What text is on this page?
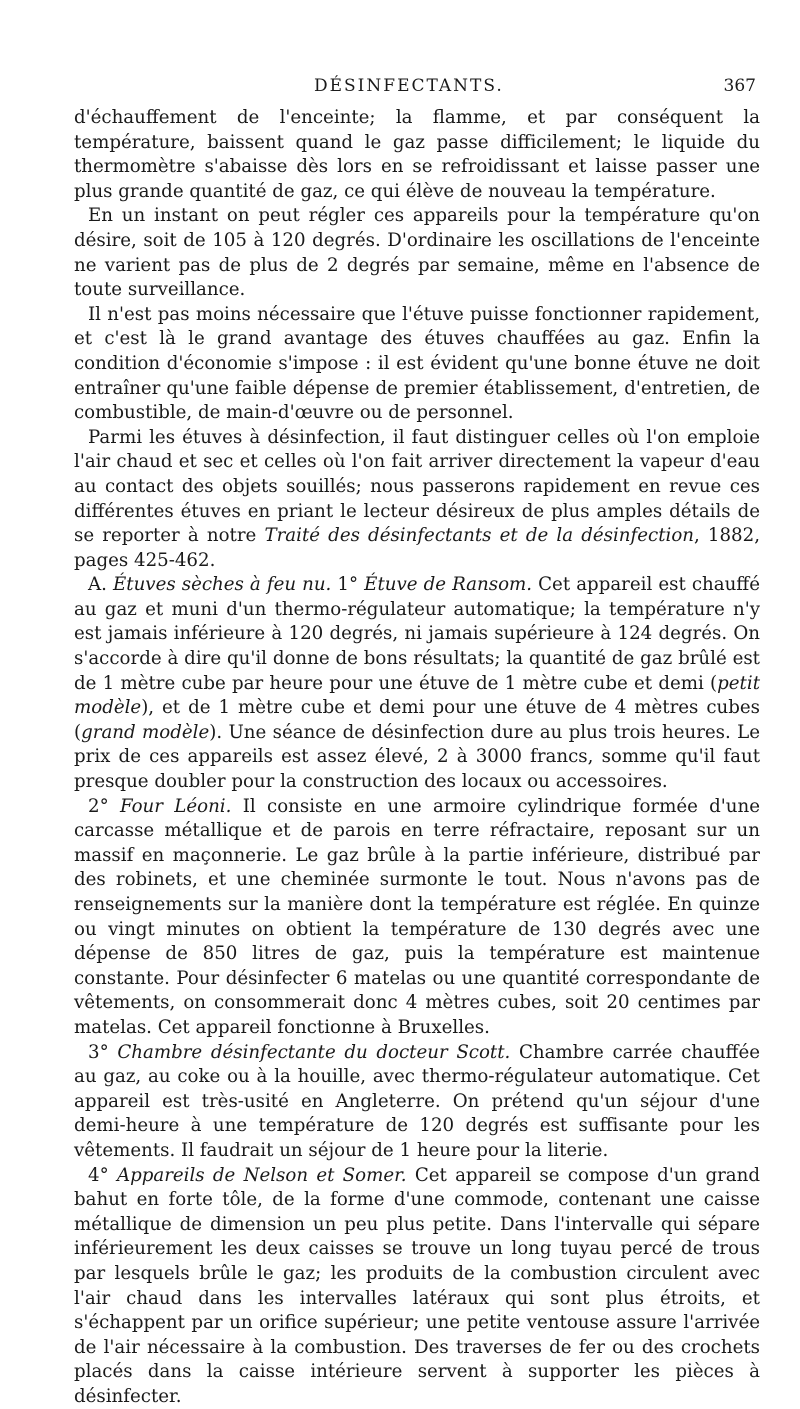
DÉSINFECTANTS.	367

d'échauffement de l'enceinte; la flamme, et par conséquent la température, baissent quand le gaz passe difficilement; le liquide du thermomètre s'abaisse dès lors en se refroidissant et laisse passer une plus grande quantité de gaz, ce qui élève de nouveau la température.

En un instant on peut régler ces appareils pour la température qu'on désire, soit de 105 à 120 degrés. D'ordinaire les oscillations de l'enceinte ne varient pas de plus de 2 degrés par semaine, même en l'absence de toute surveillance.

Il n'est pas moins nécessaire que l'étuve puisse fonctionner rapidement, et c'est là le grand avantage des étuves chauffées au gaz. Enfin la condition d'économie s'impose : il est évident qu'une bonne étuve ne doit entraîner qu'une faible dépense de premier établissement, d'entretien, de combustible, de main-d'œuvre ou de personnel.

Parmi les étuves à désinfection, il faut distinguer celles où l'on emploie l'air chaud et sec et celles où l'on fait arriver directement la vapeur d'eau au contact des objets souillés; nous passerons rapidement en revue ces différentes étuves en priant le lecteur désireux de plus amples détails de se reporter à notre Traité des désinfectants et de la désinfection, 1882, pages 425-462.

A. Étuves sèches à feu nu. 1° Étuve de Ransom. Cet appareil est chauffé au gaz et muni d'un thermo-régulateur automatique; la température n'y est jamais inférieure à 120 degrés, ni jamais supérieure à 124 degrés. On s'accorde à dire qu'il donne de bons résultats; la quantité de gaz brûlé est de 1 mètre cube par heure pour une étuve de 1 mètre cube et demi (petit modèle), et de 1 mètre cube et demi pour une étuve de 4 mètres cubes (grand modèle). Une séance de désinfection dure au plus trois heures. Le prix de ces appareils est assez élevé, 2 à 3000 francs, somme qu'il faut presque doubler pour la construction des locaux ou accessoires.

2° Four Léoni. Il consiste en une armoire cylindrique formée d'une carcasse métallique et de parois en terre réfractaire, reposant sur un massif en maçonnerie. Le gaz brûle à la partie inférieure, distribué par des robinets, et une cheminée surmonte le tout. Nous n'avons pas de renseignements sur la manière dont la température est réglée. En quinze ou vingt minutes on obtient la température de 130 degrés avec une dépense de 850 litres de gaz, puis la température est maintenue constante. Pour désinfecter 6 matelas ou une quantité correspondante de vêtements, on consommerait donc 4 mètres cubes, soit 20 centimes par matelas. Cet appareil fonctionne à Bruxelles.

3° Chambre désinfectante du docteur Scott. Chambre carrée chauffée au gaz, au coke ou à la houille, avec thermo-régulateur automatique. Cet appareil est très-usité en Angleterre. On prétend qu'un séjour d'une demi-heure à une température de 120 degrés est suffisante pour les vêtements. Il faudrait un séjour de 1 heure pour la literie.

4° Appareils de Nelson et Somer. Cet appareil se compose d'un grand bahut en forte tôle, de la forme d'une commode, contenant une caisse métallique de dimension un peu plus petite. Dans l'intervalle qui sépare inférieurement les deux caisses se trouve un long tuyau percé de trous par lesquels brûle le gaz; les produits de la combustion circulent avec l'air chaud dans les intervalles latéraux qui sont plus étroits, et s'échappent par un orifice supérieur; une petite ventouse assure l'arrivée de l'air nécessaire à la combustion. Des traverses de fer ou des crochets placés dans la caisse intérieure servent à supporter les pièces à désinfecter.
